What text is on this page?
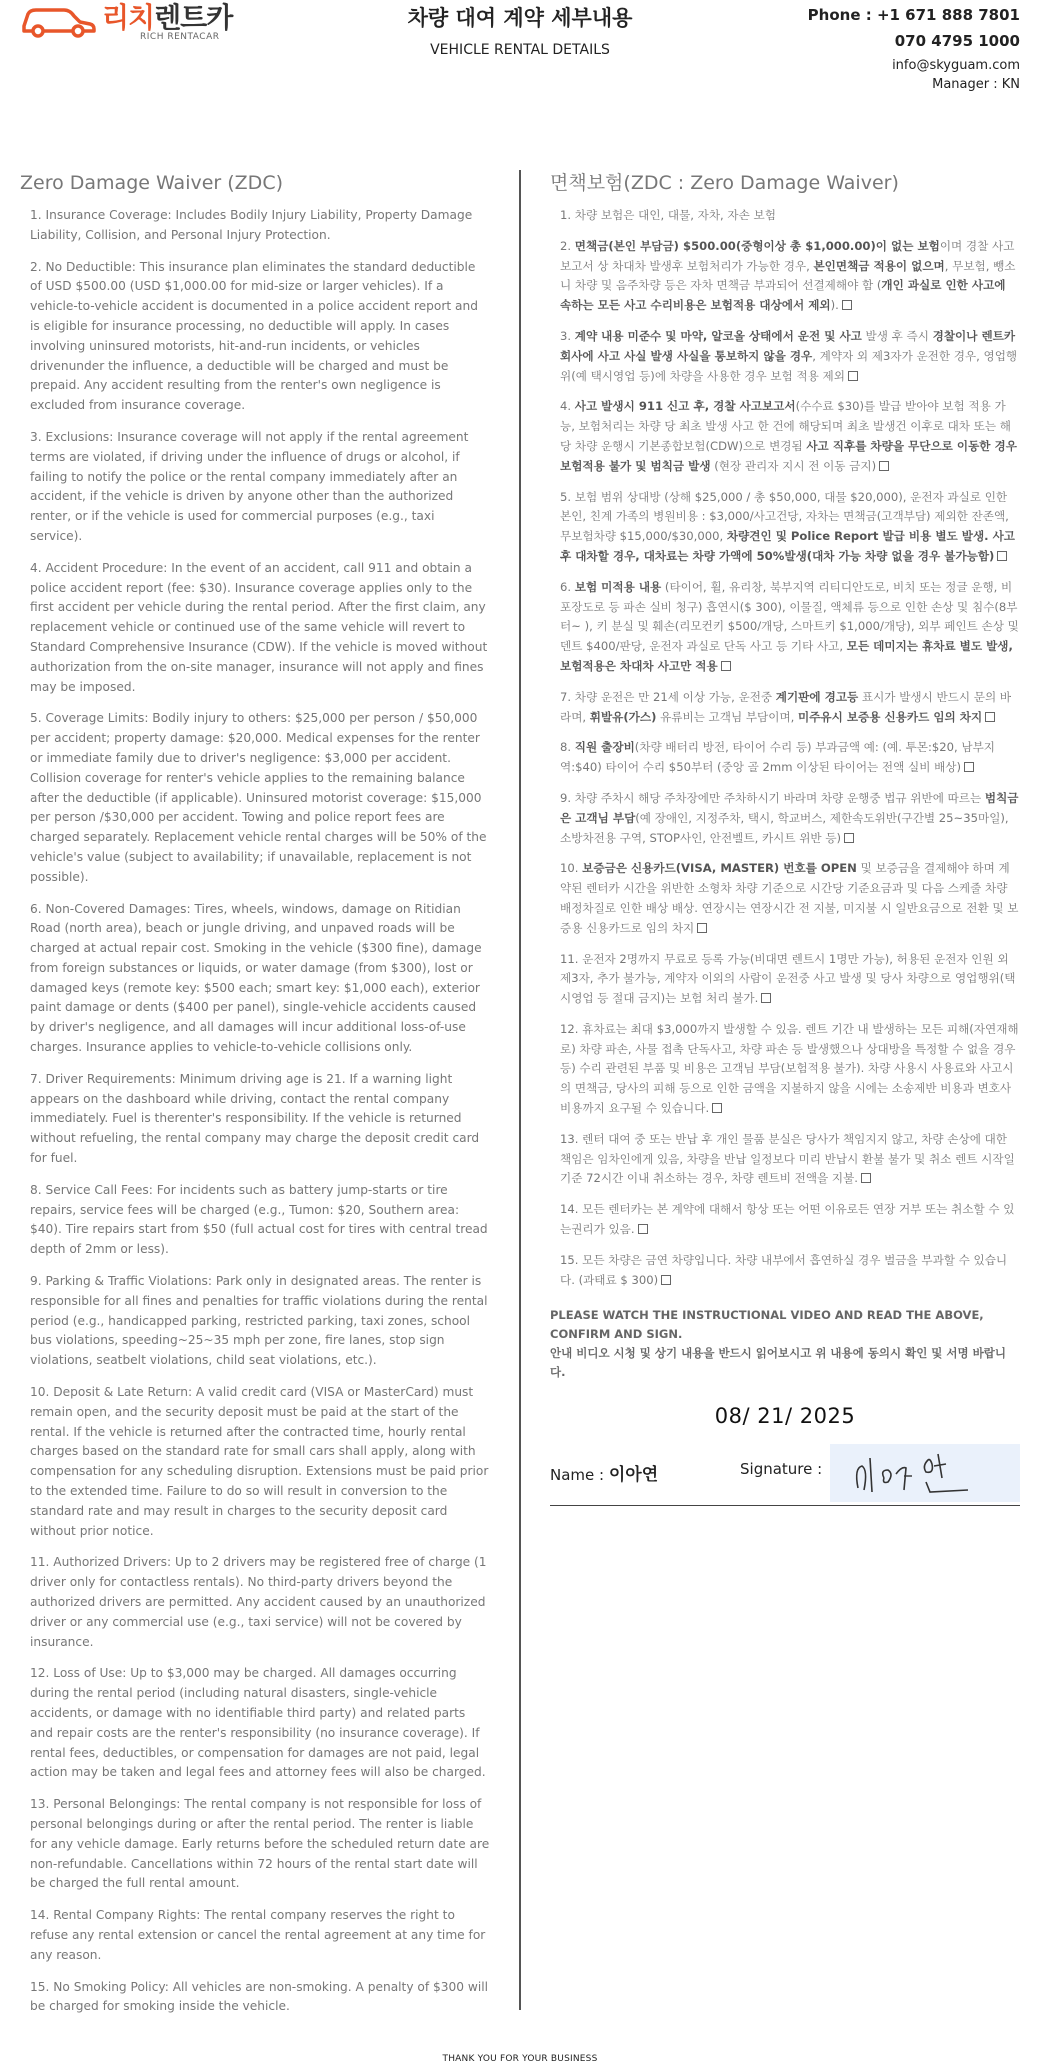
리치렌트카
RICH RENTACAR
차량 대여 계약 세부내용
VEHICLE RENTAL DETAILS
Phone : +1 671 888 7801
070 4795 1000
info@skyguam.com
Manager : KN
Zero Damage Waiver (ZDC)

1. Insurance Coverage: Includes Bodily Injury Liability, Property Damage Liability, Collision, and Personal Injury Protection.

2. No Deductible: This insurance plan eliminates the standard deductible of USD $500.00 (USD $1,000.00 for mid-size or larger vehicles). If a vehicle-to-vehicle accident is documented in a police accident report and is eligible for insurance processing, no deductible will apply. In cases involving uninsured motorists, hit-and-run incidents, or vehicles drivenunder the influence, a deductible will be charged and must be prepaid. Any accident resulting from the renter's own negligence is excluded from insurance coverage.

3. Exclusions: Insurance coverage will not apply if the rental agreement terms are violated, if driving under the influence of drugs or alcohol, if failing to notify the police or the rental company immediately after an accident, if the vehicle is driven by anyone other than the authorized renter, or if the vehicle is used for commercial purposes (e.g., taxi service).

4. Accident Procedure: In the event of an accident, call 911 and obtain a police accident report (fee: $30). Insurance coverage applies only to the first accident per vehicle during the rental period. After the first claim, any replacement vehicle or continued use of the same vehicle will revert to Standard Comprehensive Insurance (CDW). If the vehicle is moved without authorization from the on-site manager, insurance will not apply and fines may be imposed.

5. Coverage Limits: Bodily injury to others: $25,000 per person / $50,000 per accident; property damage: $20,000. Medical expenses for the renter or immediate family due to driver's negligence: $3,000 per accident. Collision coverage for renter's vehicle applies to the remaining balance after the deductible (if applicable). Uninsured motorist coverage: $15,000 per person /$30,000 per accident. Towing and police report fees are charged separately. Replacement vehicle rental charges will be 50% of the vehicle's value (subject to availability; if unavailable, replacement is not possible).

6. Non-Covered Damages: Tires, wheels, windows, damage on Ritidian Road (north area), beach or jungle driving, and unpaved roads will be charged at actual repair cost. Smoking in the vehicle ($300 fine), damage from foreign substances or liquids, or water damage (from $300), lost or damaged keys (remote key: $500 each; smart key: $1,000 each), exterior paint damage or dents ($400 per panel), single-vehicle accidents caused by driver's negligence, and all damages will incur additional loss-of-use charges. Insurance applies to vehicle-to-vehicle collisions only.

7. Driver Requirements: Minimum driving age is 21. If a warning light appears on the dashboard while driving, contact the rental company immediately. Fuel is therenter's responsibility. If the vehicle is returned without refueling, the rental company may charge the deposit credit card for fuel.

8. Service Call Fees: For incidents such as battery jump-starts or tire repairs, service fees will be charged (e.g., Tumon: $20, Southern area: $40). Tire repairs start from $50 (full actual cost for tires with central tread depth of 2mm or less).

9. Parking & Traffic Violations: Park only in designated areas. The renter is responsible for all fines and penalties for traffic violations during the rental period (e.g., handicapped parking, restricted parking, taxi zones, school bus violations, speeding~25~35 mph per zone, fire lanes, stop sign violations, seatbelt violations, child seat violations, etc.).

10. Deposit & Late Return: A valid credit card (VISA or MasterCard) must remain open, and the security deposit must be paid at the start of the rental. If the vehicle is returned after the contracted time, hourly rental charges based on the standard rate for small cars shall apply, along with compensation for any scheduling disruption. Extensions must be paid prior to the extended time. Failure to do so will result in conversion to the standard rate and may result in charges to the security deposit card without prior notice.

11. Authorized Drivers: Up to 2 drivers may be registered free of charge (1 driver only for contactless rentals). No third-party drivers beyond the authorized drivers are permitted. Any accident caused by an unauthorized driver or any commercial use (e.g., taxi service) will not be covered by insurance.

12. Loss of Use: Up to $3,000 may be charged. All damages occurring during the rental period (including natural disasters, single-vehicle accidents, or damage with no identifiable third party) and related parts and repair costs are the renter's responsibility (no insurance coverage). If rental fees, deductibles, or compensation for damages are not paid, legal action may be taken and legal fees and attorney fees will also be charged.

13. Personal Belongings: The rental company is not responsible for loss of personal belongings during or after the rental period. The renter is liable for any vehicle damage. Early returns before the scheduled return date are non-refundable. Cancellations within 72 hours of the rental start date will be charged the full rental amount.

14. Rental Company Rights: The rental company reserves the right to refuse any rental extension or cancel the rental agreement at any time for any reason.

15. No Smoking Policy: All vehicles are non-smoking. A penalty of $300 will be charged for smoking inside the vehicle.

면책보험(ZDC : Zero Damage Waiver)

1. 차량 보험은 대인, 대물, 자차, 자손 보험

2. 면책금(본인 부담금) $500.00(중형이상 총 $1,000.00)이 없는 보험이며 경찰 사고보고서 상 차대차 발생후 보험처리가 가능한 경우, 본인면책금 적용이 없으며, 무보험, 뺑소니 차량 및 음주차량 등은 자차 면책금 부과되어 선결제해야 함 (개인 과실로 인한 사고에 속하는 모든 사고 수리비용은 보험적용 대상에서 제외).

3. 계약 내용 미준수 및 마약, 알코올 상태에서 운전 및 사고 발생 후 즉시 경찰이나 렌트카 회사에 사고 사실 발생 사실을 통보하지 않을 경우, 계약자 외 제3자가 운전한 경우, 영업행위(예 택시영업 등)에 차량을 사용한 경우 보험 적용 제외

4. 사고 발생시 911 신고 후, 경찰 사고보고서(수수료 $30)를 발급 받아야 보험 적용 가능, 보험처리는 차량 당 최초 발생 사고 한 건에 해당되며 최초 발생건 이후로 대차 또는 해당 차량 운행시 기본종합보험(CDW)으로 변경됨 사고 직후를 차량을 무단으로 이동한 경우 보험적용 불가 및 범칙금 발생 (현장 관리자 지시 전 이동 금지)

5. 보험 범위 상대방 (상해 $25,000 / 총 $50,000, 대물 $20,000), 운전자 과실로 인한 본인, 친계 가족의 병원비용 : $3,000/사고건당, 자차는 면책금(고객부담) 제외한 잔존액, 무보험차량 $15,000/$30,000, 차량견인 및 Police Report 발급 비용 별도 발생. 사고후 대차할 경우, 대차료는 차량 가액에 50%발생(대차 가능 차량 없을 경우 불가능함)

6. 보험 미적용 내용 (타이어, 휠, 유리창, 북부지역 리티디안도로, 비치 또는 정글 운행, 비포장도로 등 파손 실비 청구) 흡연시($ 300), 이물질, 액체류 등으로 인한 손상 및 침수(8부터~ ), 키 분실 및 훼손(리모컨키 $500/개당, 스마트키 $1,000/개당), 외부 페인트 손상 및 덴트 $400/판당, 운전자 과실로 단독 사고 등 기타 사고, 모든 데미지는 휴차료 별도 발생, 보험적용은 차대차 사고만 적용

7. 차량 운전은 만 21세 이상 가능, 운전중 계기판에 경고등 표시가 발생시 반드시 문의 바라며, 휘발유(가스) 유류비는 고객님 부담이며, 미주유시 보증용 신용카드 임의 차지

8. 직원 출장비(차량 배터리 방전, 타이어 수리 등) 부과금액 예: (예. 투몬:$20, 남부지역:$40) 타이어 수리 $50부터 (중앙 골 2mm 이상된 타이어는 전액 실비 배상)

9. 차량 주차시 해당 주차장에만 주차하시기 바라며 차량 운행중 법규 위반에 따르는 범칙금은 고객님 부담(예 장애인, 지정주차, 택시, 학교버스, 제한속도위반(구간별 25~35마일), 소방차전용 구역, STOP사인, 안전벨트, 카시트 위반 등)

10. 보증금은 신용카드(VISA, MASTER) 번호를 OPEN 및 보증금을 결제해야 하며 계약된 렌터카 시간을 위반한 소형차 차량 기준으로 시간당 기준요금과 및 다음 스케줄 차량 배정차질로 인한 배상 배상. 연장시는 연장시간 전 지불, 미지불 시 일반요금으로 전환 및 보증용 신용카드로 임의 차지

11. 운전자 2명까지 무료로 등록 가능(비대면 렌트시 1명만 가능), 허용된 운전자 인원 외 제3자, 추가 불가능, 계약자 이외의 사람이 운전중 사고 발생 및 당사 차량으로 영업행위(택시영업 등 절대 금지)는 보험 처리 불가.

12. 휴차료는 최대 $3,000까지 발생할 수 있음. 렌트 기간 내 발생하는 모든 피해(자연재해로) 차량 파손, 사물 접촉 단독사고, 차량 파손 등 발생했으나 상대방을 특정할 수 없을 경우 등) 수리 관련된 부품 및 비용은 고객님 부담(보험적용 불가). 차량 사용시 사용료와 사고시의 면책금, 당사의 피해 등으로 인한 금액을 지불하지 않을 시에는 소송제반 비용과 변호사 비용까지 요구될 수 있습니다.

13. 렌터 대여 중 또는 반납 후 개인 물품 분실은 당사가 책임지지 않고, 차량 손상에 대한 책임은 임차인에게 있음, 차량을 반납 일정보다 미리 반납시 환불 불가 및 취소 렌트 시작일 기준 72시간 이내 취소하는 경우, 차량 렌트비 전액을 지불.

14. 모든 렌터카는 본 계약에 대해서 항상 또는 어떤 이유로든 연장 거부 또는 취소할 수 있는권리가 있음.

15. 모든 차량은 금연 차량입니다. 차량 내부에서 흡연하실 경우 벌금을 부과할 수 있습니다. (과태료 $ 300)

PLEASE WATCH THE INSTRUCTIONAL VIDEO AND READ THE ABOVE, CONFIRM AND SIGN.
안내 비디오 시청 및 상기 내용을 반드시 읽어보시고 위 내용에 동의시 확인 및 서명 바랍니다.
08/ 21/ 2025
Name : 이아연	Signature :
THANK YOU FOR YOUR BUSINESS
